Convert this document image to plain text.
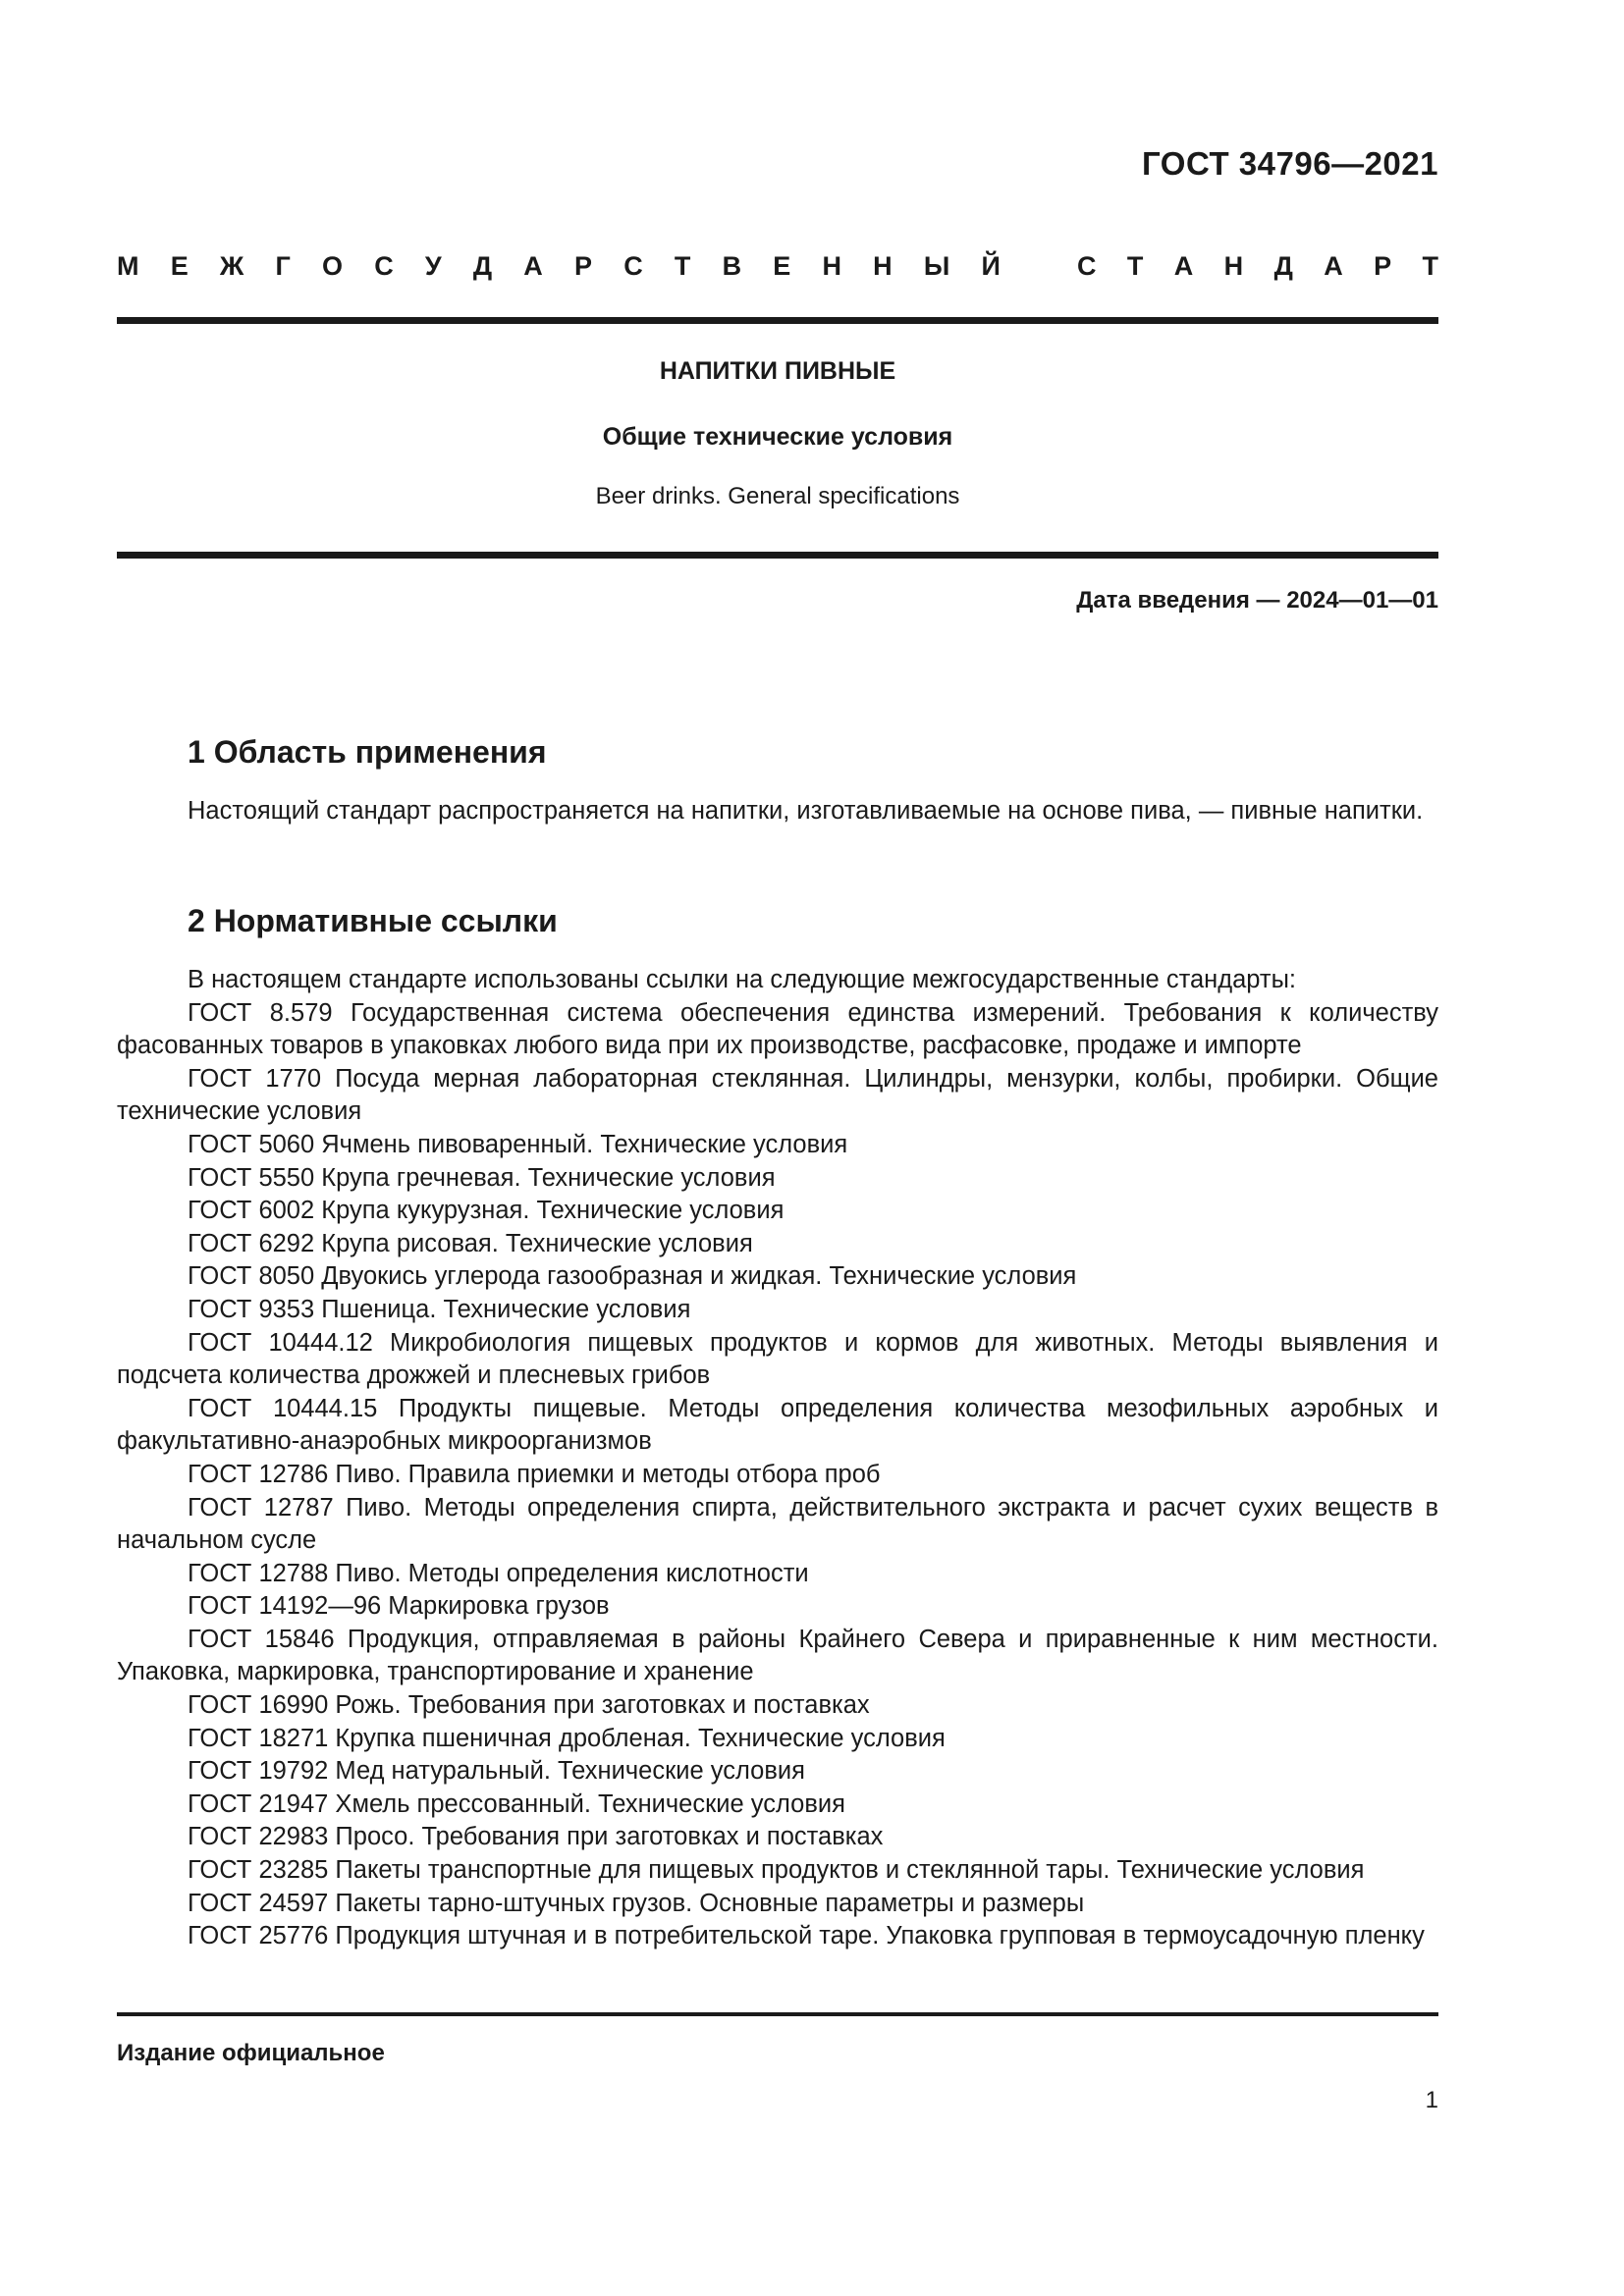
ГОСТ 34796—2021
М Е Ж Г О С У Д А Р С Т В Е Н Н Ы Й	С Т А Н Д А Р Т
НАПИТКИ ПИВНЫЕ
Общие технические условия
Beer drinks. General specifications
Дата введения — 2024—01—01
1 Область применения

Настоящий стандарт распространяется на напитки, изготавливаемые на основе пива, — пивные напитки.

2 Нормативные ссылки

В настоящем стандарте использованы ссылки на следующие межгосударственные стандарты:

ГОСТ 8.579 Государственная система обеспечения единства измерений. Требования к количеству фасованных товаров в упаковках любого вида при их производстве, расфасовке, продаже и импорте

ГОСТ 1770 Посуда мерная лабораторная стеклянная. Цилиндры, мензурки, колбы, пробирки. Общие технические условия

ГОСТ 5060 Ячмень пивоваренный. Технические условия

ГОСТ 5550 Крупа гречневая. Технические условия

ГОСТ 6002 Крупа кукурузная. Технические условия

ГОСТ 6292 Крупа рисовая. Технические условия

ГОСТ 8050 Двуокись углерода газообразная и жидкая. Технические условия

ГОСТ 9353 Пшеница. Технические условия

ГОСТ 10444.12 Микробиология пищевых продуктов и кормов для животных. Методы выявления и подсчета количества дрожжей и плесневых грибов

ГОСТ 10444.15 Продукты пищевые. Методы определения количества мезофильных аэробных и факультативно-анаэробных микроорганизмов

ГОСТ 12786 Пиво. Правила приемки и методы отбора проб

ГОСТ 12787 Пиво. Методы определения спирта, действительного экстракта и расчет сухих веществ в начальном сусле

ГОСТ 12788 Пиво. Методы определения кислотности

ГОСТ 14192—96 Маркировка грузов

ГОСТ 15846 Продукция, отправляемая в районы Крайнего Севера и приравненные к ним местности. Упаковка, маркировка, транспортирование и хранение

ГОСТ 16990 Рожь. Требования при заготовках и поставках

ГОСТ 18271 Крупка пшеничная дробленая. Технические условия

ГОСТ 19792 Мед натуральный. Технические условия

ГОСТ 21947 Хмель прессованный. Технические условия

ГОСТ 22983 Просо. Требования при заготовках и поставках

ГОСТ 23285 Пакеты транспортные для пищевых продуктов и стеклянной тары. Технические условия

ГОСТ 24597 Пакеты тарно-штучных грузов. Основные параметры и размеры

ГОСТ 25776 Продукция штучная и в потребительской таре. Упаковка групповая в термоусадочную пленку

Издание официальное
1
